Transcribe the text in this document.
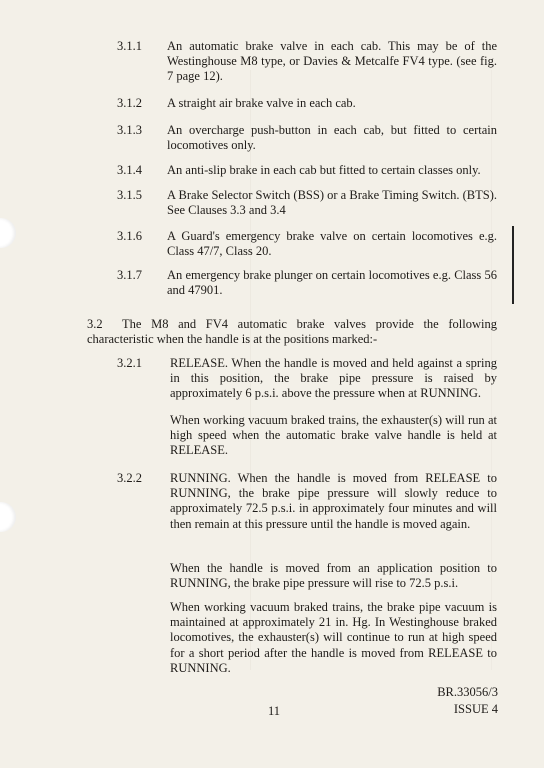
3.1.1 An automatic brake valve in each cab. This may be of the Westinghouse M8 type, or Davies & Metcalfe FV4 type. (see fig. 7 page 12).
3.1.2 A straight air brake valve in each cab.
3.1.3 An overcharge push-button in each cab, but fitted to certain locomotives only.
3.1.4 An anti-slip brake in each cab but fitted to certain classes only.
3.1.5 A Brake Selector Switch (BSS) or a Brake Timing Switch. (BTS). See Clauses 3.3 and 3.4
3.1.6 A Guard's emergency brake valve on certain locomotives e.g. Class 47/7, Class 20.
3.1.7 An emergency brake plunger on certain locomotives e.g. Class 56 and 47901.
3.2	The M8 and FV4 automatic brake valves provide the following characteristic when the handle is at the positions marked:-
3.2.1 RELEASE. When the handle is moved and held against a spring in this position, the brake pipe pressure is raised by approximately 6 p.s.i. above the pressure when at RUNNING.
When working vacuum braked trains, the exhauster(s) will run at high speed when the automatic brake valve handle is held at RELEASE.
3.2.2 RUNNING. When the handle is moved from RELEASE to RUNNING, the brake pipe pressure will slowly reduce to approximately 72.5 p.s.i. in approximately four minutes and will then remain at this pressure until the handle is moved again.
When the handle is moved from an application position to RUNNING, the brake pipe pressure will rise to 72.5 p.s.i.
When working vacuum braked trains, the brake pipe vacuum is maintained at approximately 21 in. Hg. In Westinghouse braked locomotives, the exhauster(s) will continue to run at high speed for a short period after the handle is moved from RELEASE to RUNNING.
11
BR.33056/3
ISSUE 4
